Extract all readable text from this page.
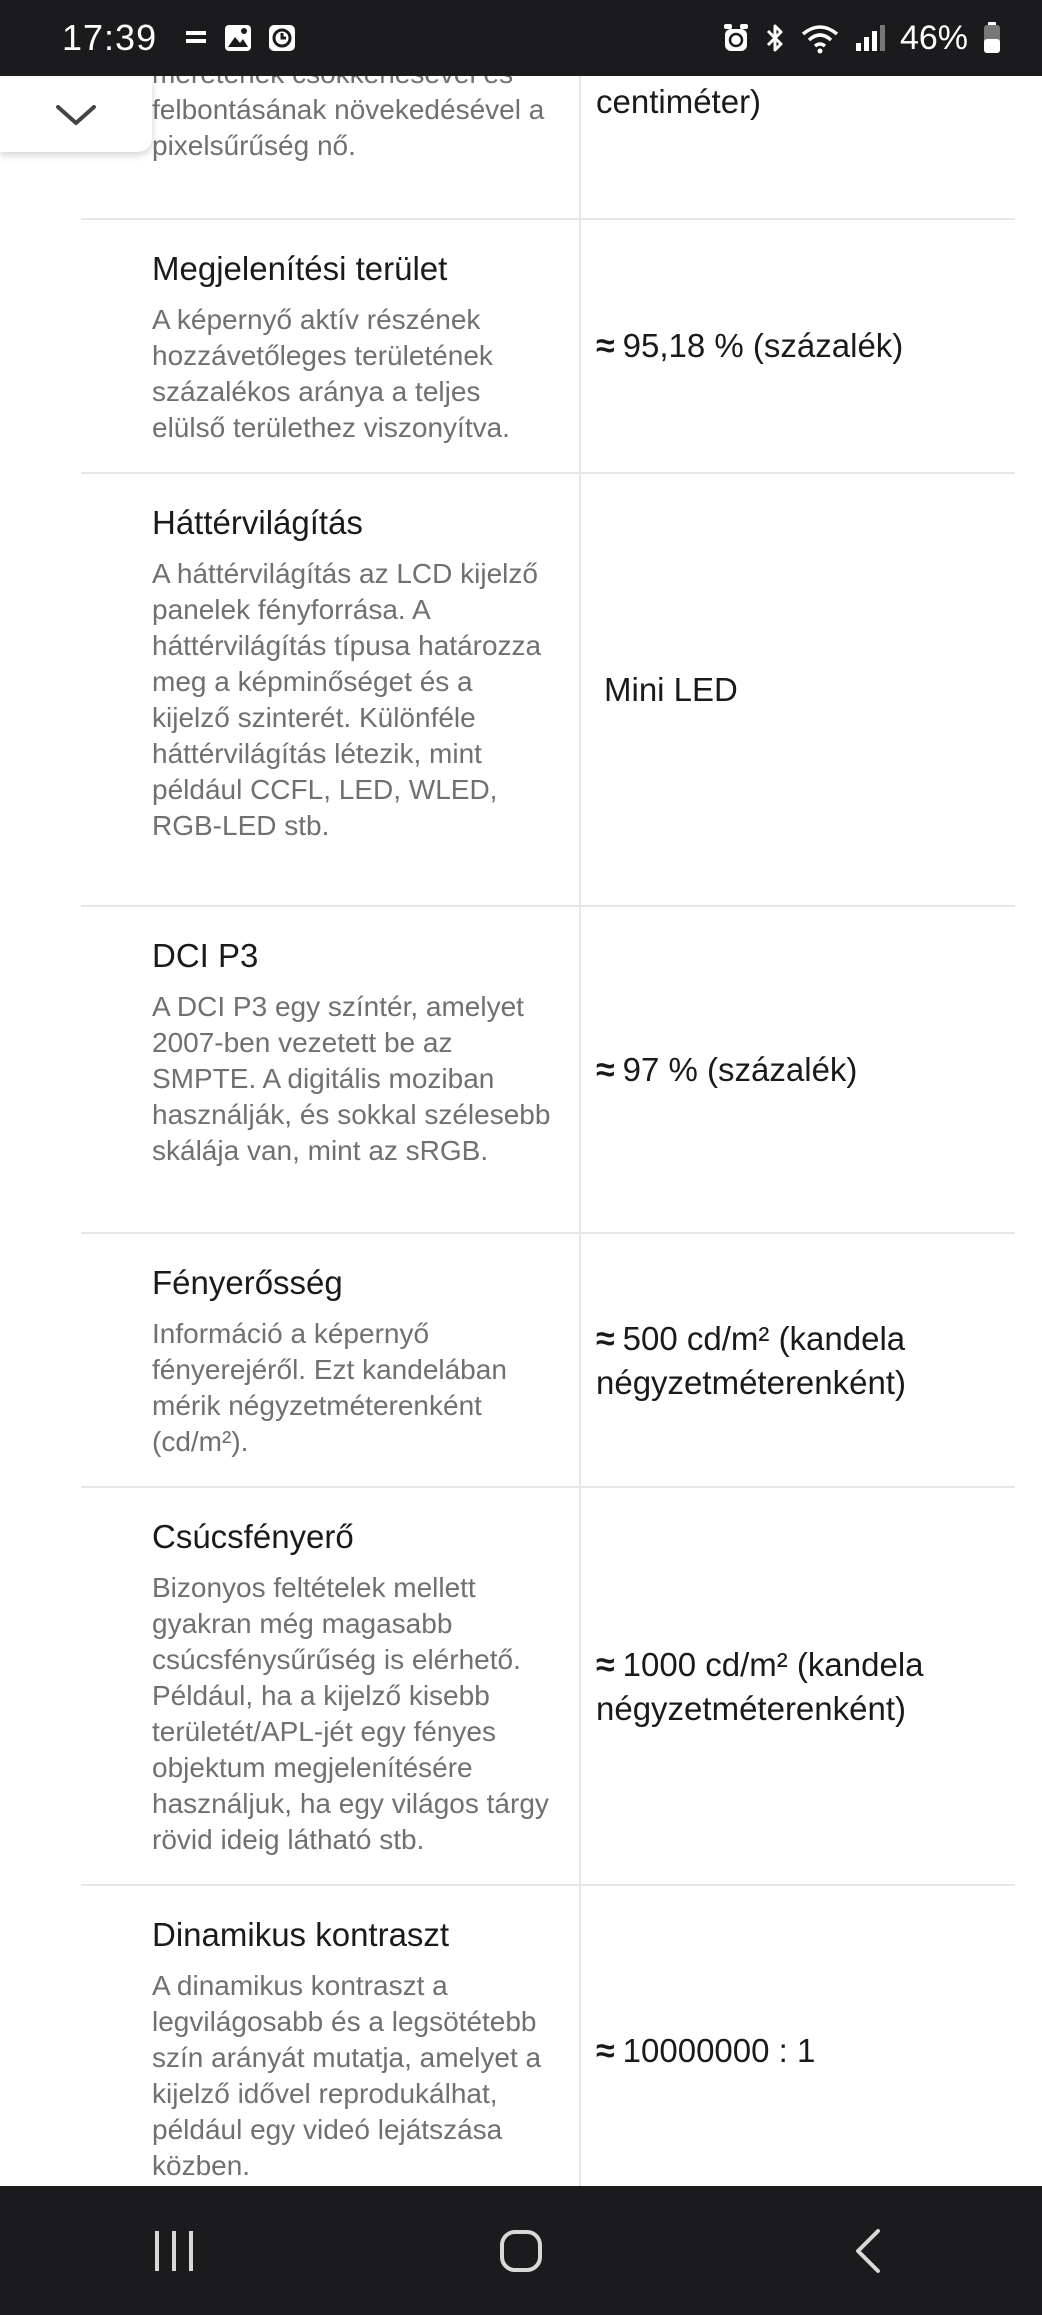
17:39	46%
felbontásának növekedésével a pixelsűrűség nő.
centiméter)
Megjelenítési terület
A képernyő aktív részének hozzávetőleges területének százalékos aránya a teljes elülső területhez viszonyítva.
≈ 95,18 % (százalék)
Háttérvilágítás
A háttérvilágítás az LCD kijelző panelek fényforrása. A háttérvilágítás típusa határozza meg a képminőséget és a kijelző szinterét. Különféle háttérvilágítás létezik, mint például CCFL, LED, WLED, RGB-LED stb.
Mini LED
DCI P3
A DCI P3 egy színtér, amelyet 2007-ben vezetett be az SMPTE. A digitális moziban használják, és sokkal szélesebb skálája van, mint az sRGB.
≈ 97 % (százalék)
Fényerősség
Információ a képernyő fényerejéről. Ezt kandelában mérik négyzetméterenként (cd/m²).
≈ 500 cd/m² (kandela négyzetméterenként)
Csúcsfényerő
Bizonyos feltételek mellett gyakran még magasabb csúcsfénysűrűség is elérhető. Például, ha a kijelző kisebb területét/APL-jét egy fényes objektum megjelenítésére használjuk, ha egy világos tárgy rövid ideig látható stb.
≈ 1000 cd/m² (kandela négyzetméterenként)
Dinamikus kontraszt
A dinamikus kontraszt a legvilágosabb és a legsötétebb szín arányát mutatja, amelyet a kijelző idővel reprodukálhat, például egy videó lejátszása közben.
≈ 10000000 : 1
